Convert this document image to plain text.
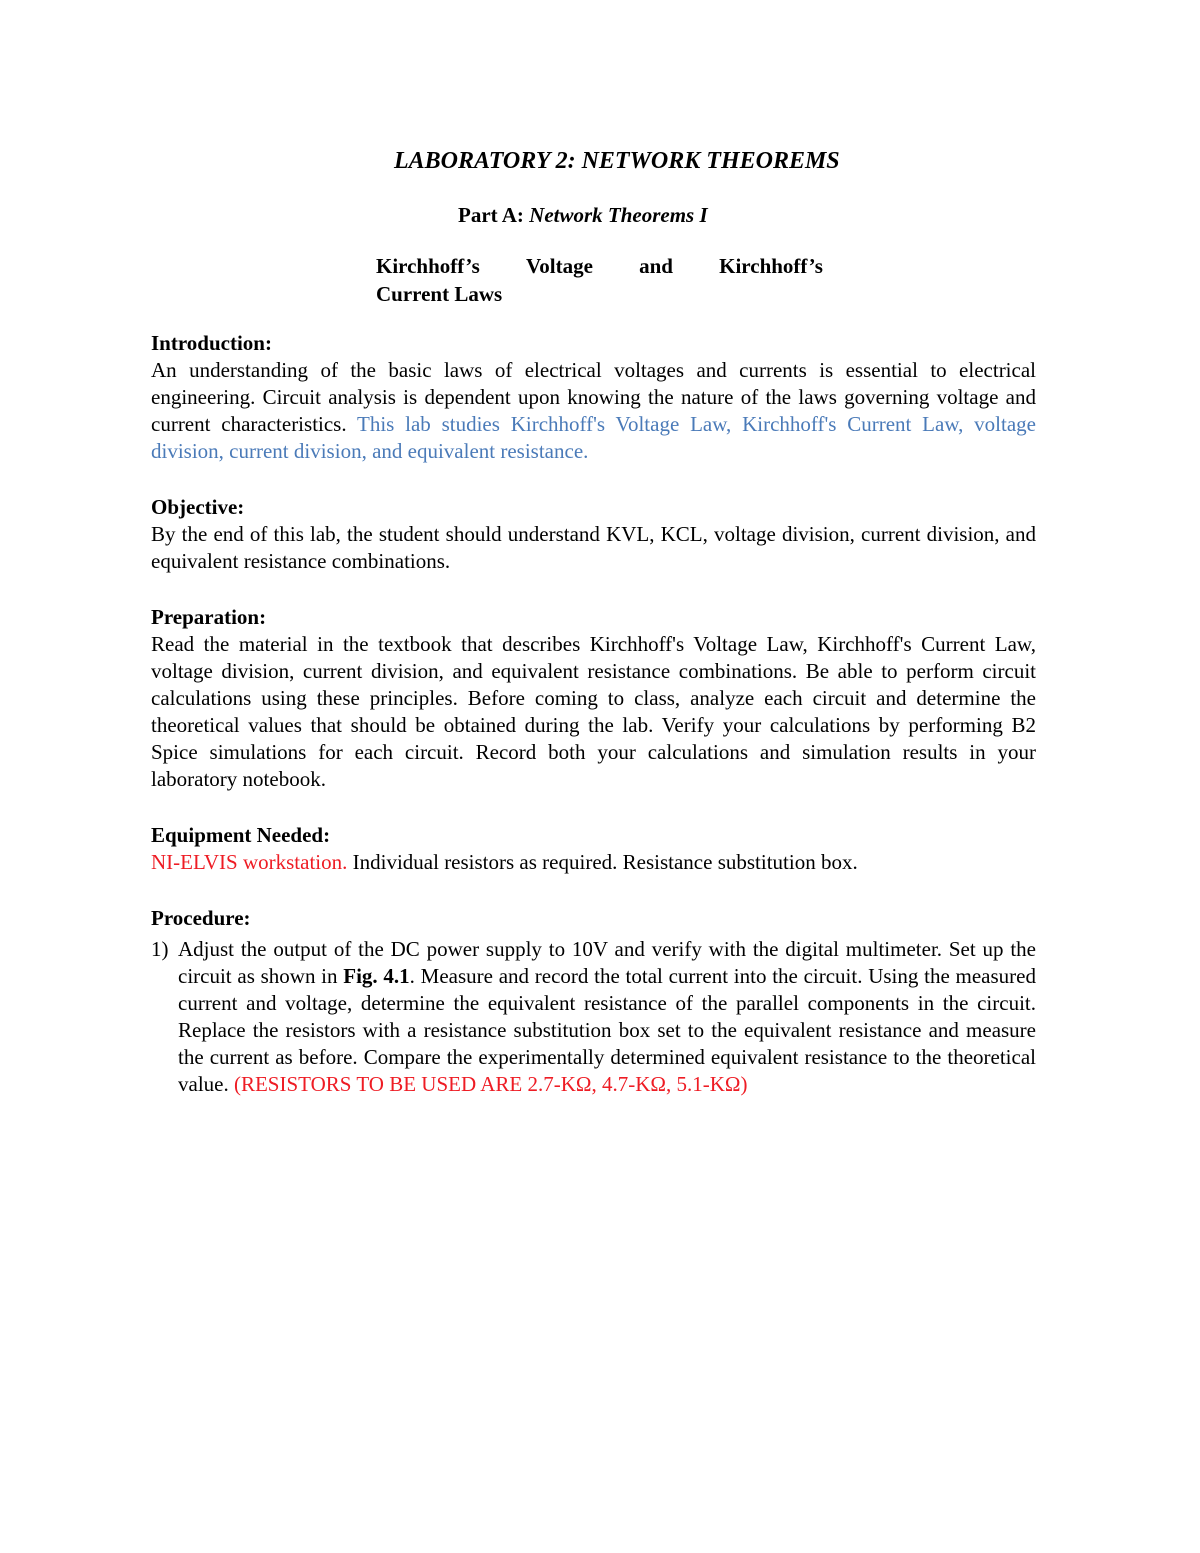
LABORATORY 2: NETWORK THEOREMS
Part A: Network Theorems I
Kirchhoff’s Voltage and Kirchhoff’s
Current Laws
Introduction:

An understanding of the basic laws of electrical voltages and currents is essential to electrical engineering. Circuit analysis is dependent upon knowing the nature of the laws governing voltage and current characteristics. This lab studies Kirchhoff's Voltage Law, Kirchhoff's Current Law, voltage division, current division, and equivalent resistance.

Objective:

By the end of this lab, the student should understand KVL, KCL, voltage division, current division, and equivalent resistance combinations.

Preparation:

Read the material in the textbook that describes Kirchhoff's Voltage Law, Kirchhoff's Current Law, voltage division, current division, and equivalent resistance combinations. Be able to perform circuit calculations using these principles. Before coming to class, analyze each circuit and determine the theoretical values that should be obtained during the lab. Verify your calculations by performing B2 Spice simulations for each circuit. Record both your calculations and simulation results in your laboratory notebook.

Equipment Needed:

NI-ELVIS workstation. Individual resistors as required. Resistance substitution box.

Procedure:
1) Adjust the output of the DC power supply to 10V and verify with the digital multimeter. Set up the circuit as shown in Fig. 4.1. Measure and record the total current into the circuit. Using the measured current and voltage, determine the equivalent resistance of the parallel components in the circuit. Replace the resistors with a resistance substitution box set to the equivalent resistance and measure the current as before. Compare the experimentally determined equivalent resistance to the theoretical value. (RESISTORS TO BE USED ARE 2.7-KΩ, 4.7-KΩ, 5.1-KΩ)
